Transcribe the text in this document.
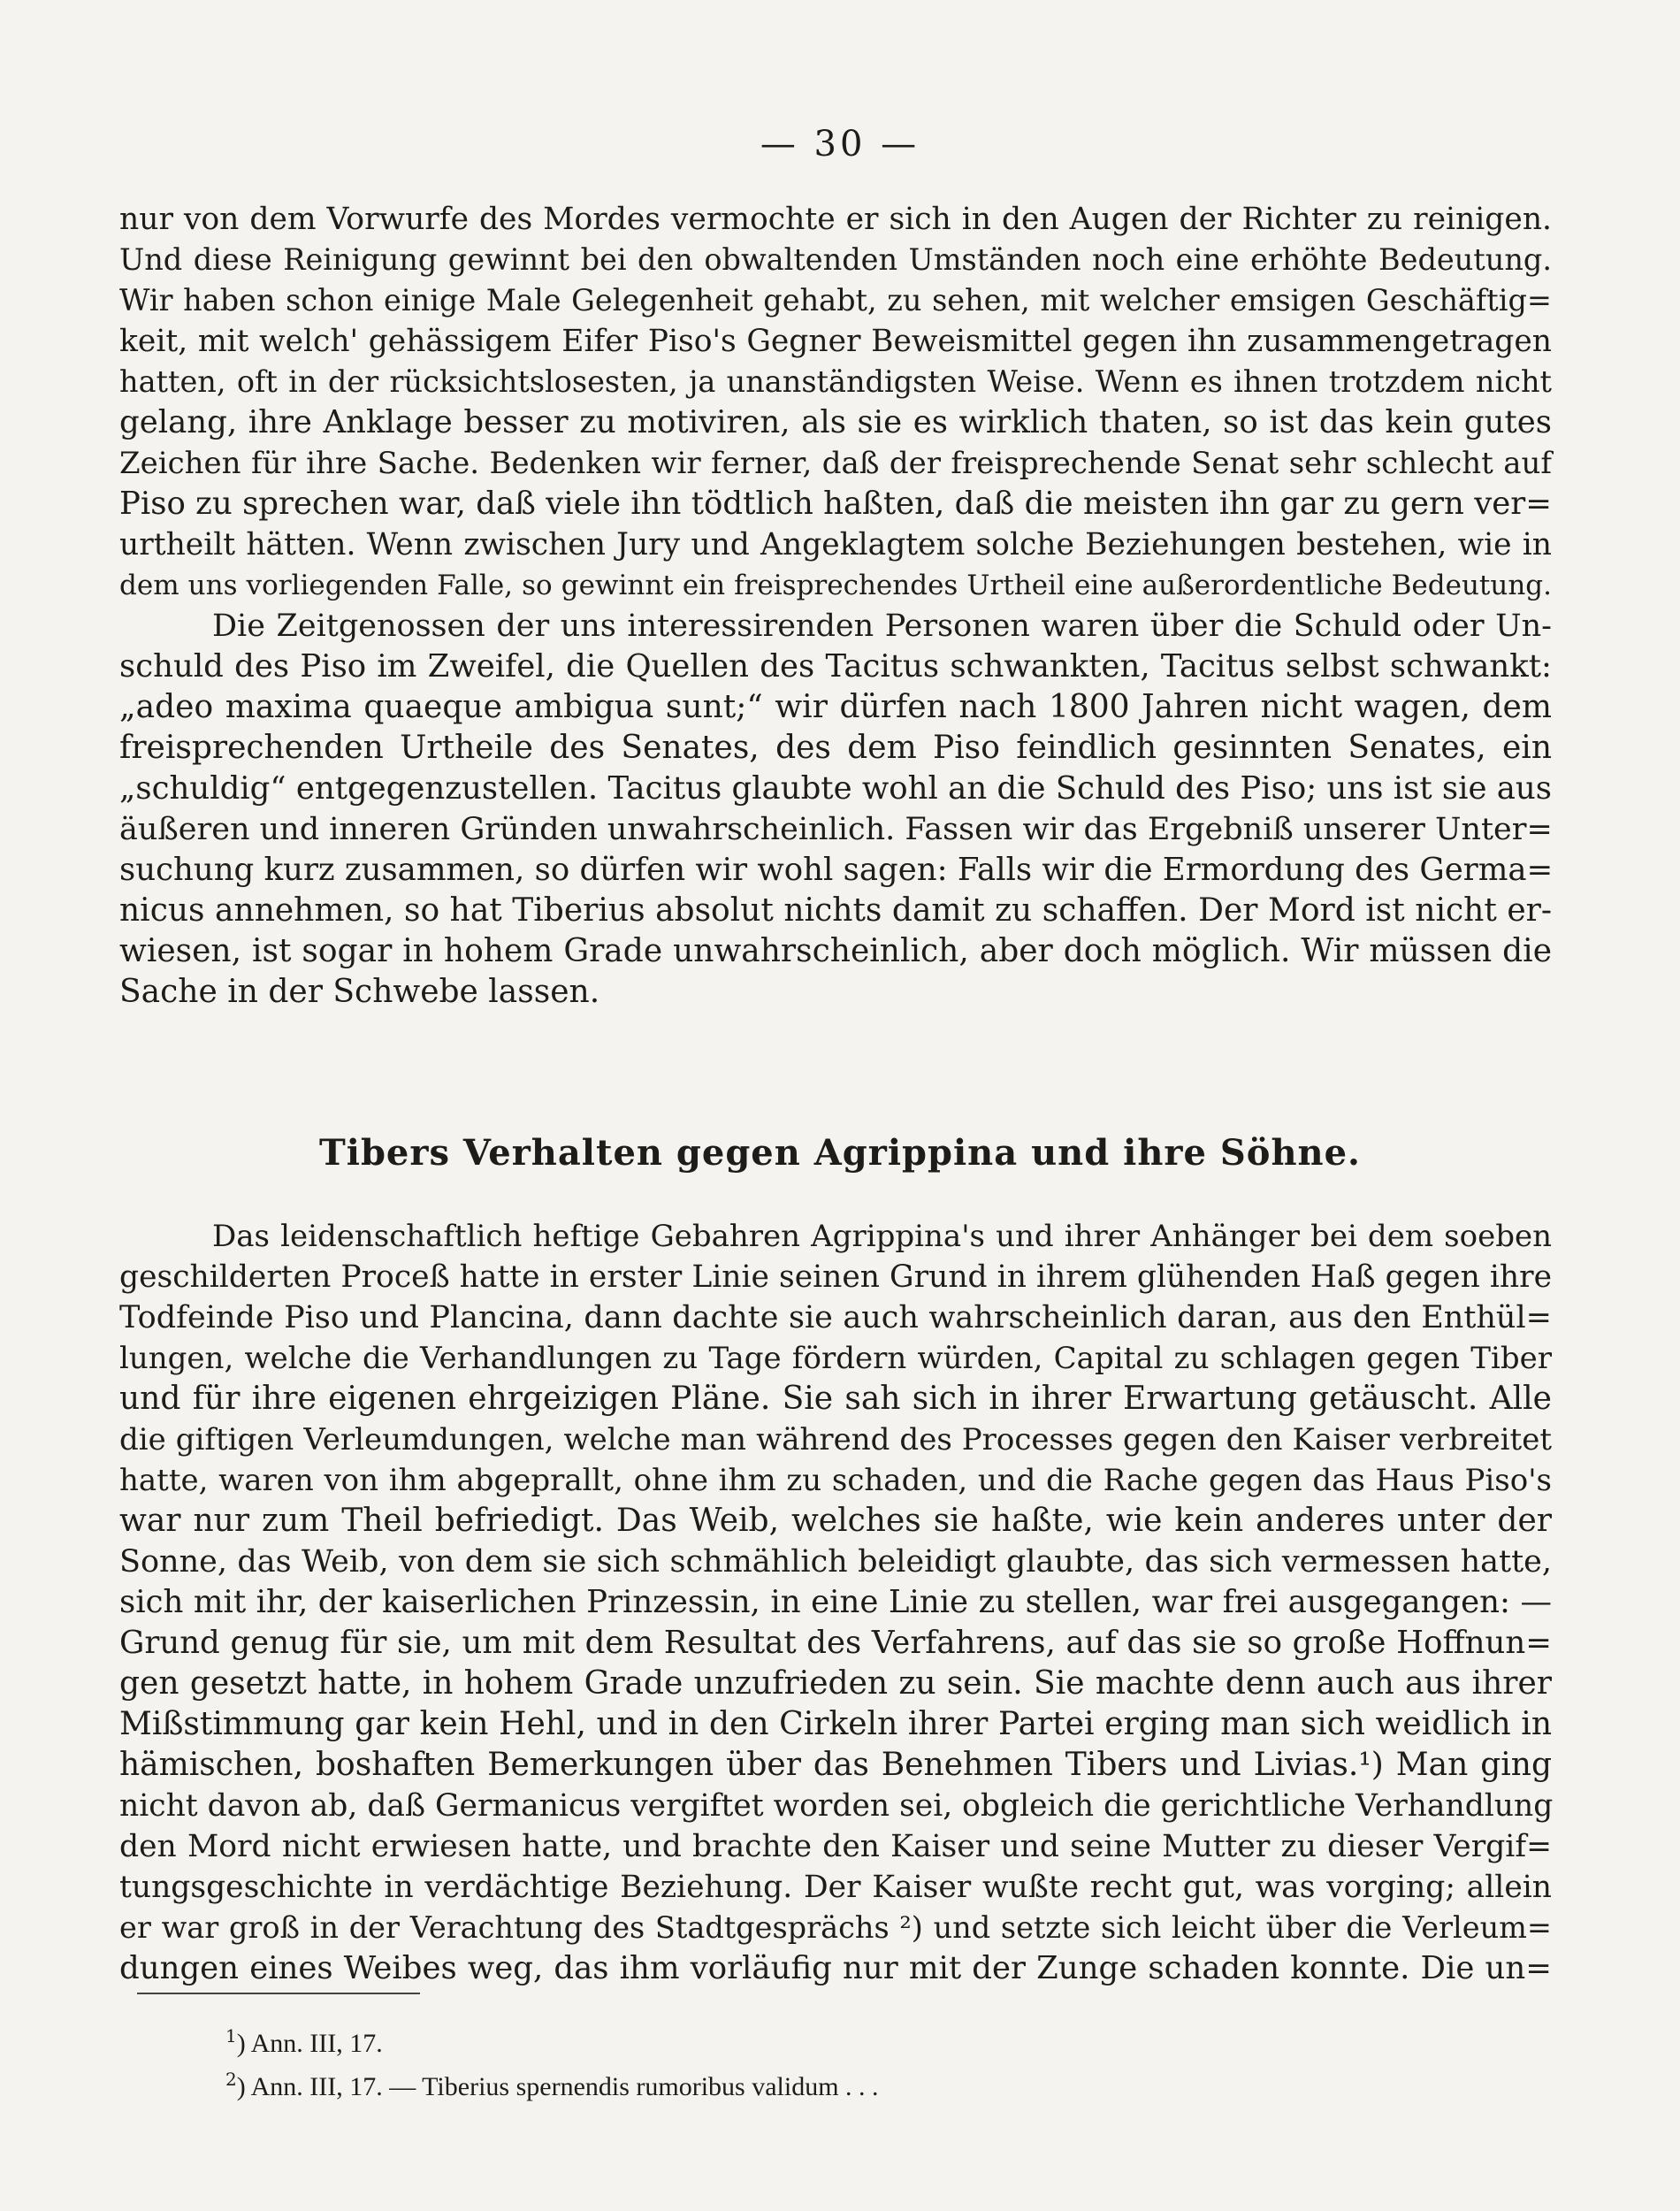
— 30 —
nur von dem Vorwurfe des Mordes vermochte er sich in den Augen der Richter zu reinigen.
Und diese Reinigung gewinnt bei den obwaltenden Umständen noch eine erhöhte Bedeutung.
Wir haben schon einige Male Gelegenheit gehabt, zu sehen, mit welcher emsigen Geschäftig=
keit, mit welch' gehässigem Eifer Piso's Gegner Beweismittel gegen ihn zusammengetragen
hatten, oft in der rücksichtslosesten, ja unanständigsten Weise. Wenn es ihnen trotzdem nicht
gelang, ihre Anklage besser zu motiviren, als sie es wirklich thaten, so ist das kein gutes
Zeichen für ihre Sache. Bedenken wir ferner, daß der freisprechende Senat sehr schlecht auf
Piso zu sprechen war, daß viele ihn tödtlich haßten, daß die meisten ihn gar zu gern ver=
urtheilt hätten. Wenn zwischen Jury und Angeklagtem solche Beziehungen bestehen, wie in
dem uns vorliegenden Falle, so gewinnt ein freisprechendes Urtheil eine außerordentliche Bedeutung.
Die Zeitgenossen der uns interessirenden Personen waren über die Schuld oder Un-
schuld des Piso im Zweifel, die Quellen des Tacitus schwankten, Tacitus selbst schwankt:
„adeo maxima quaeque ambigua sunt;“ wir dürfen nach 1800 Jahren nicht wagen, dem
freisprechenden Urtheile des Senates, des dem Piso feindlich gesinnten Senates, ein
„schuldig“ entgegenzustellen. Tacitus glaubte wohl an die Schuld des Piso; uns ist sie aus
äußeren und inneren Gründen unwahrscheinlich. Fassen wir das Ergebniß unserer Unter=
suchung kurz zusammen, so dürfen wir wohl sagen: Falls wir die Ermordung des Germa=
nicus annehmen, so hat Tiberius absolut nichts damit zu schaffen. Der Mord ist nicht er-
wiesen, ist sogar in hohem Grade unwahrscheinlich, aber doch möglich. Wir müssen die
Sache in der Schwebe lassen.
Tibers Verhalten gegen Agrippina und ihre Söhne.
Das leidenschaftlich heftige Gebahren Agrippina's und ihrer Anhänger bei dem soeben
geschilderten Proceß hatte in erster Linie seinen Grund in ihrem glühenden Haß gegen ihre
Todfeinde Piso und Plancina, dann dachte sie auch wahrscheinlich daran, aus den Enthül=
lungen, welche die Verhandlungen zu Tage fördern würden, Capital zu schlagen gegen Tiber
und für ihre eigenen ehrgeizigen Pläne. Sie sah sich in ihrer Erwartung getäuscht. Alle
die giftigen Verleumdungen, welche man während des Processes gegen den Kaiser verbreitet
hatte, waren von ihm abgeprallt, ohne ihm zu schaden, und die Rache gegen das Haus Piso's
war nur zum Theil befriedigt. Das Weib, welches sie haßte, wie kein anderes unter der
Sonne, das Weib, von dem sie sich schmählich beleidigt glaubte, das sich vermessen hatte,
sich mit ihr, der kaiserlichen Prinzessin, in eine Linie zu stellen, war frei ausgegangen: —
Grund genug für sie, um mit dem Resultat des Verfahrens, auf das sie so große Hoffnun=
gen gesetzt hatte, in hohem Grade unzufrieden zu sein. Sie machte denn auch aus ihrer
Mißstimmung gar kein Hehl, und in den Cirkeln ihrer Partei erging man sich weidlich in
hämischen, boshaften Bemerkungen über das Benehmen Tibers und Livias.¹) Man ging
nicht davon ab, daß Germanicus vergiftet worden sei, obgleich die gerichtliche Verhandlung
den Mord nicht erwiesen hatte, und brachte den Kaiser und seine Mutter zu dieser Vergif=
tungsgeschichte in verdächtige Beziehung. Der Kaiser wußte recht gut, was vorging; allein
er war groß in der Verachtung des Stadtgesprächs ²) und setzte sich leicht über die Verleum=
dungen eines Weibes weg, das ihm vorläufig nur mit der Zunge schaden konnte. Die un=
$^1$) Ann. III, 17.
$^2$) Ann. III, 17. — Tiberius spernendis rumoribus validum . . .
